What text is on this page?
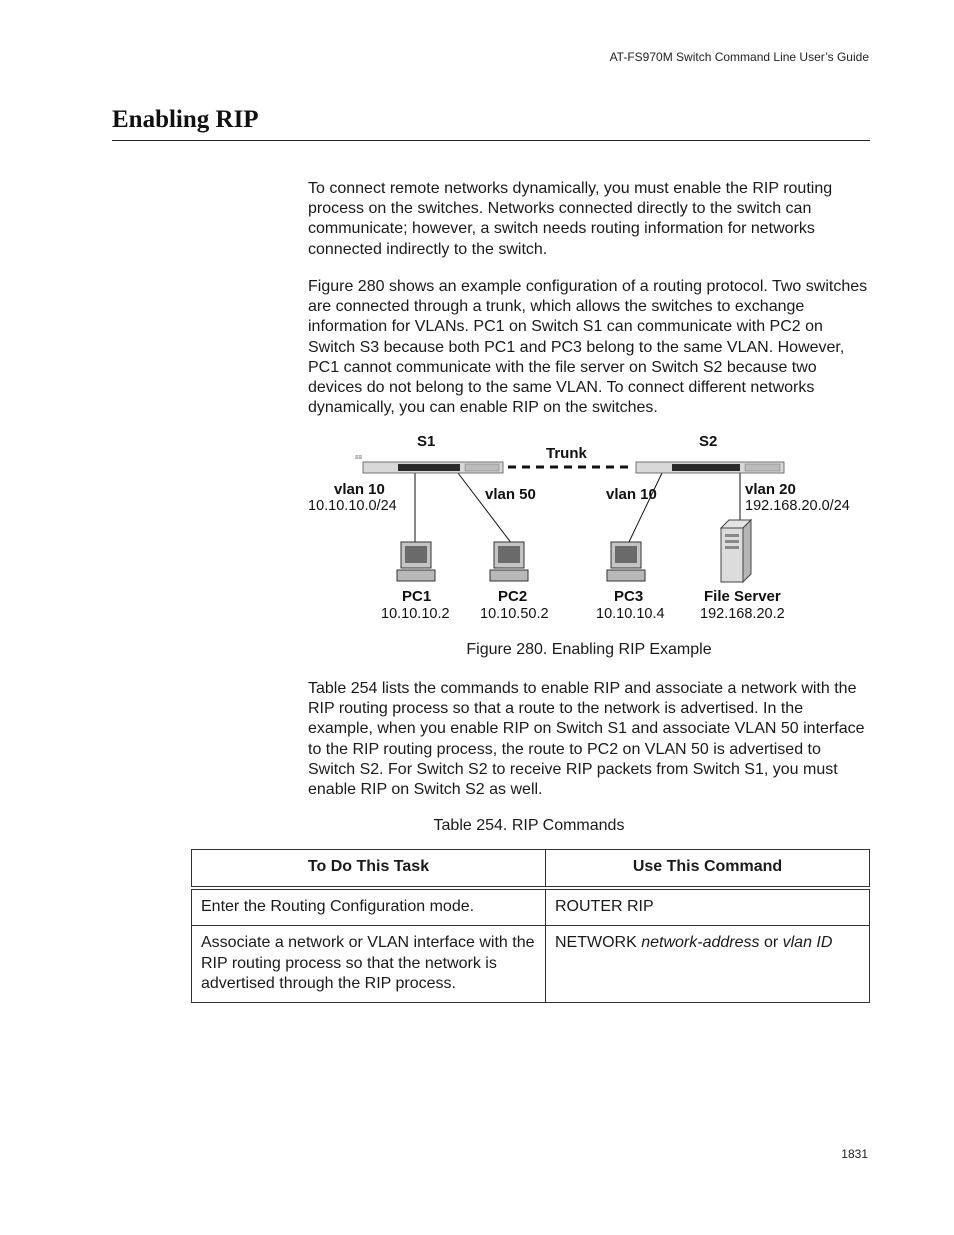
AT-FS970M Switch Command Line User’s Guide
Enabling RIP

To connect remote networks dynamically, you must enable the RIP routing process on the switches. Networks connected directly to the switch can communicate; however, a switch needs routing information for networks connected indirectly to the switch.

Figure 280 shows an example configuration of a routing protocol. Two switches are connected through a trunk, which allows the switches to exchange information for VLANs. PC1 on Switch S1 can communicate with PC2 on Switch S3 because both PC1 and PC3 belong to the same VLAN. However, PC1 cannot communicate with the file server on Switch S2 because two devices do not belong to the same VLAN. To connect different networks dynamically, you can enable RIP on the switches.

≡≡
S1	S2
Trunk
vlan 10
10.10.10.0/24
vlan 50	vlan 10	vlan 20
192.168.20.0/24
PC1
10.10.10.2
PC2
10.10.50.2
PC3
10.10.10.4
File Server
192.168.20.2
Figure 280. Enabling RIP Example

Table 254 lists the commands to enable RIP and associate a network with the RIP routing process so that a route to the network is advertised. In the example, when you enable RIP on Switch S1 and associate VLAN 50 interface to the RIP routing process, the route to PC2 on VLAN 50 is advertised to Switch S2. For Switch S2 to receive RIP packets from Switch S1, you must enable RIP on Switch S2 as well.

Table 254. RIP Commands
To Do This Task	Use This Command
Enter the Routing Configuration mode.	ROUTER RIP
Associate a network or VLAN interface with the RIP routing process so that the network is advertised through the RIP process.	NETWORK network-address or vlan ID
1831
